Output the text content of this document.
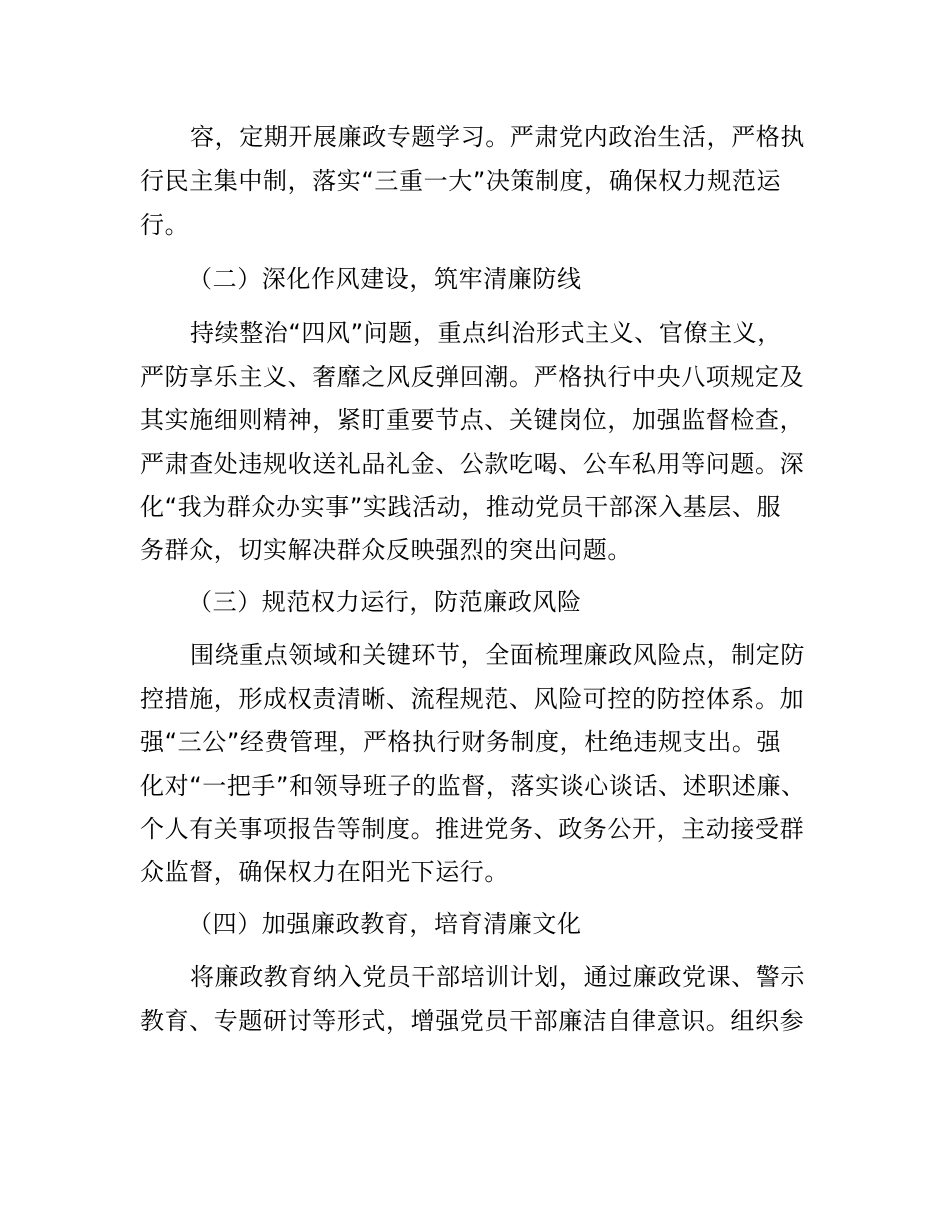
容，定期开展廉政专题学习。严肃党内政治生活，严格执
行民主集中制，落实“三重一大”决策制度，确保权力规范运
行。
（二）深化作风建设，筑牢清廉防线
持续整治“四风”问题，重点纠治形式主义、官僚主义，
严防享乐主义、奢靡之风反弹回潮。严格执行中央八项规定及
其实施细则精神，紧盯重要节点、关键岗位，加强监督检查，
严肃查处违规收送礼品礼金、公款吃喝、公车私用等问题。深
化“我为群众办实事”实践活动，推动党员干部深入基层、服
务群众，切实解决群众反映强烈的突出问题。
（三）规范权力运行，防范廉政风险
围绕重点领域和关键环节，全面梳理廉政风险点，制定防
控措施，形成权责清晰、流程规范、风险可控的防控体系。加
强“三公”经费管理，严格执行财务制度，杜绝违规支出。强
化对“一把手”和领导班子的监督，落实谈心谈话、述职述廉、
个人有关事项报告等制度。推进党务、政务公开，主动接受群
众监督，确保权力在阳光下运行。
（四）加强廉政教育，培育清廉文化
将廉政教育纳入党员干部培训计划，通过廉政党课、警示
教育、专题研讨等形式，增强党员干部廉洁自律意识。组织参
